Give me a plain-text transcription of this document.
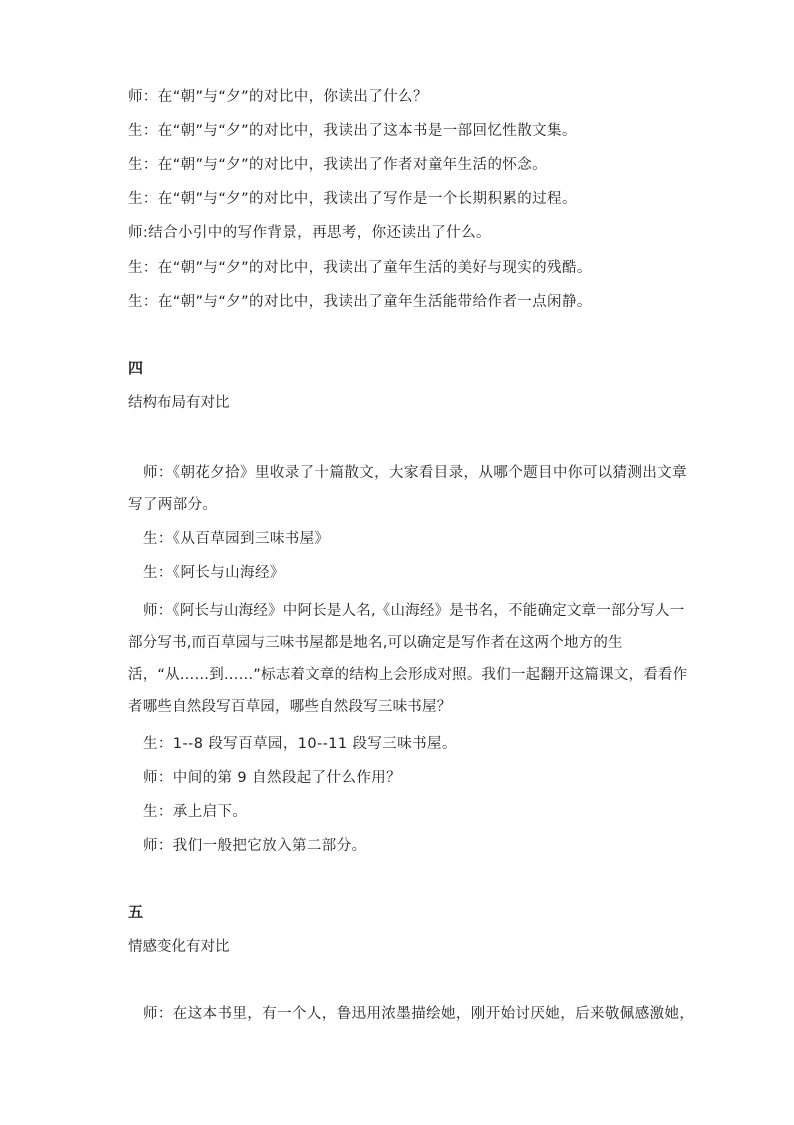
师：在“朝”与“夕”的对比中，你读出了什么？
生：在“朝”与“夕”的对比中，我读出了这本书是一部回忆性散文集。
生：在“朝”与“夕”的对比中，我读出了作者对童年生活的怀念。
生：在“朝”与“夕”的对比中，我读出了写作是一个长期积累的过程。
师:结合小引中的写作背景，再思考，你还读出了什么。
生：在“朝”与“夕”的对比中，我读出了童年生活的美好与现实的残酷。
生：在“朝”与“夕”的对比中，我读出了童年生活能带给作者一点闲静。
四
结构布局有对比
师：《朝花夕拾》里收录了十篇散文，大家看目录，从哪个题目中你可以猜测出文章写了两部分。
生：《从百草园到三味书屋》
生：《阿长与山海经》
师：《阿长与山海经》中阿长是人名,《山海经》是书名，不能确定文章一部分写人一部分写书,而百草园与三味书屋都是地名,可以确定是写作者在这两个地方的生活，“从……到……”标志着文章的结构上会形成对照。我们一起翻开这篇课文，看看作者哪些自然段写百草园，哪些自然段写三味书屋？
生：1--8 段写百草园，10--11 段写三味书屋。
师：中间的第 9 自然段起了什么作用？
生：承上启下。
师：我们一般把它放入第二部分。
五
情感变化有对比
师：在这本书里，有一个人，鲁迅用浓墨描绘她，刚开始讨厌她，后来敬佩感激她，
